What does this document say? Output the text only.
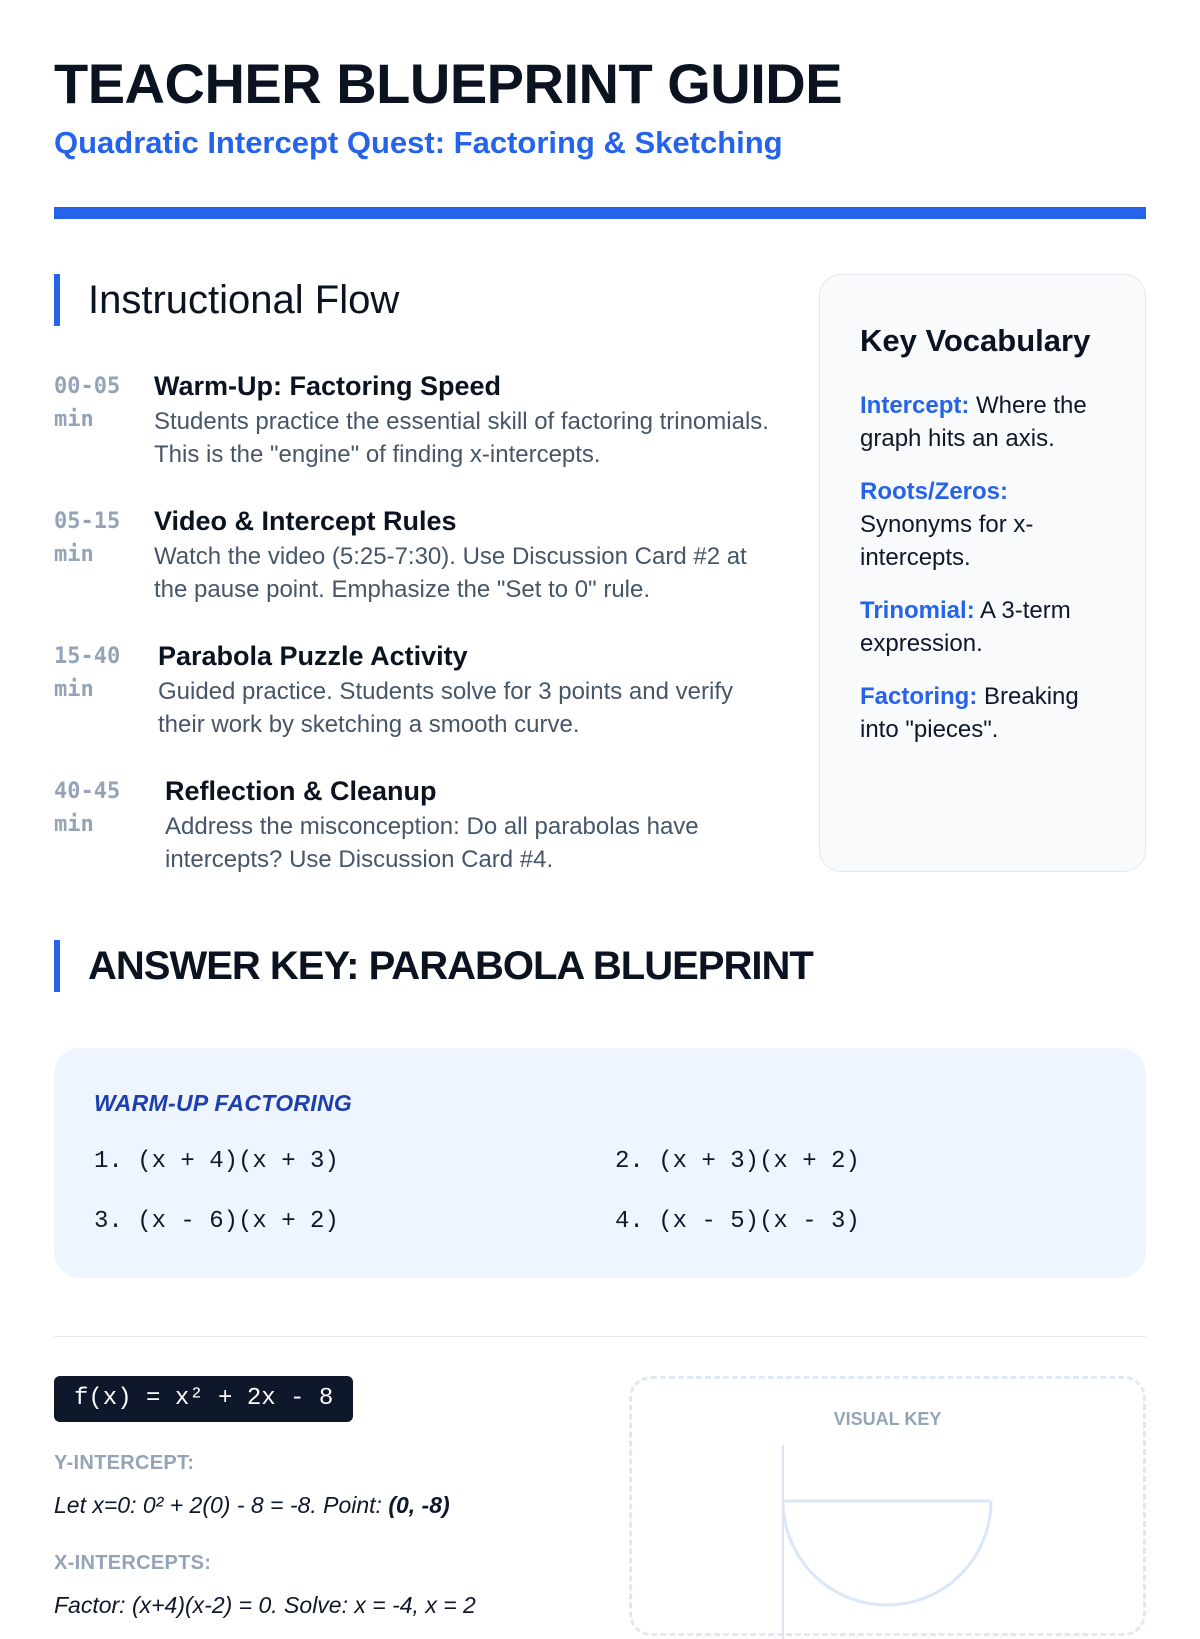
TEACHER BLUEPRINT GUIDE
Quadratic Intercept Quest: Factoring & Sketching
Instructional Flow
00-05 min

Warm-Up: Factoring Speed

Students practice the essential skill of factoring trinomials. This is the "engine" of finding x-intercepts.

05-15 min

Video & Intercept Rules

Watch the video (5:25-7:30). Use Discussion Card #2 at the pause point. Emphasize the "Set to 0" rule.

15-40 min

Parabola Puzzle Activity

Guided practice. Students solve for 3 points and verify their work by sketching a smooth curve.

40-45 min

Reflection & Cleanup

Address the misconception: Do all parabolas have intercepts? Use Discussion Card #4.

Key Vocabulary

Intercept: Where the graph hits an axis.

Roots/Zeros: Synonyms for x-intercepts.

Trinomial: A 3-term expression.

Factoring: Breaking into "pieces".

ANSWER KEY: PARABOLA BLUEPRINT

WARM-UP FACTORING

1. (x + 4)(x + 3)	2. (x + 3)(x + 2)
3. (x - 6)(x + 2)	4. (x - 5)(x - 3)
f(x) = x² + 2x - 8

Y-INTERCEPT:

Let x=0: 0² + 2(0) - 8 = -8. Point: (0, -8)

X-INTERCEPTS:

Factor: (x+4)(x-2) = 0. Solve: x = -4, x = 2

VISUAL KEY
